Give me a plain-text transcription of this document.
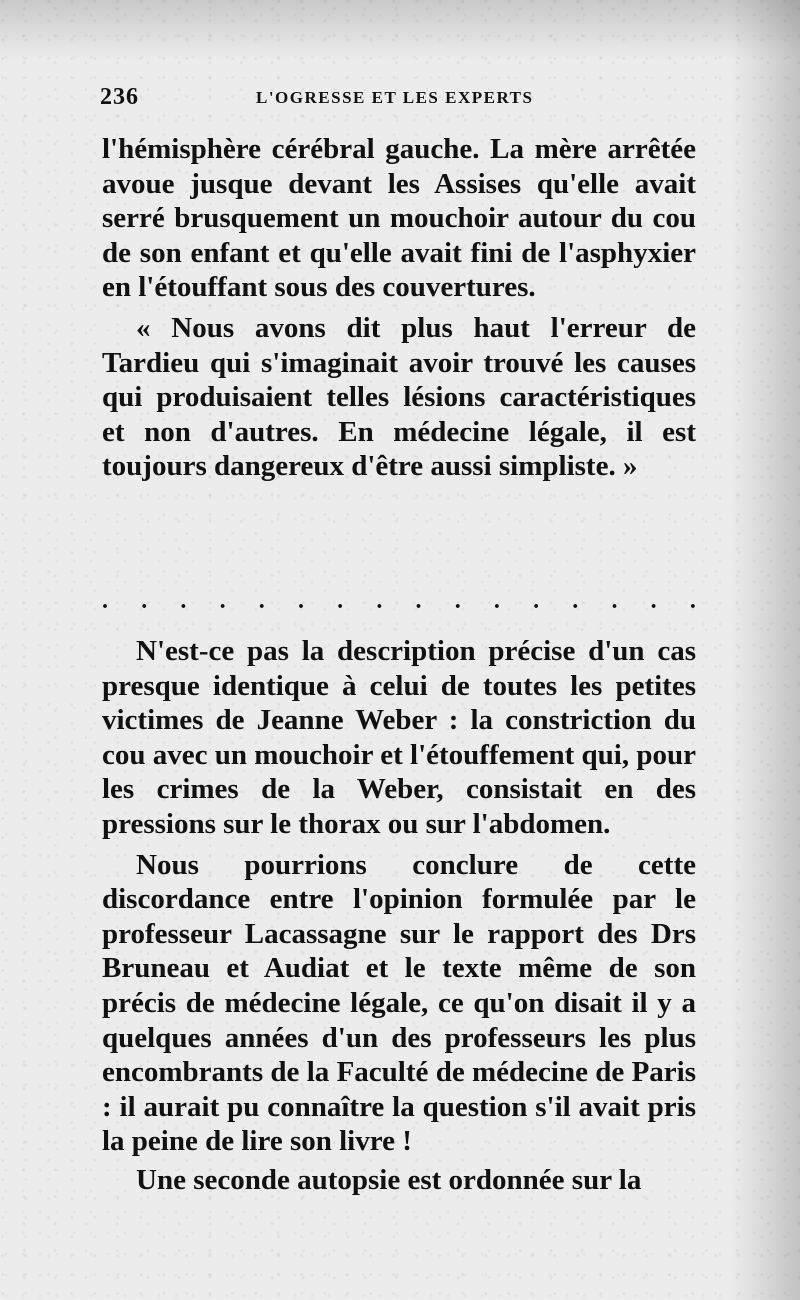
236	L'OGRESSE ET LES EXPERTS

l'hémisphère cérébral gauche. La mère arrêtée avoue jusque devant les Assises qu'elle avait serré brusquement un mouchoir autour du cou de son enfant et qu'elle avait fini de l'asphyxier en l'étouffant sous des couvertures.

« Nous avons dit plus haut l'erreur de Tardieu qui s'imaginait avoir trouvé les causes qui produisaient telles lésions caractéristiques et non d'autres. En médecine légale, il est toujours dangereux d'être aussi simpliste. »

. . . . . . . . . . . . . . . .

N'est-ce pas la description précise d'un cas presque identique à celui de toutes les petites victimes de Jeanne Weber : la constriction du cou avec un mouchoir et l'étouffement qui, pour les crimes de la Weber, consistait en des pressions sur le thorax ou sur l'abdomen.

Nous pourrions conclure de cette discordance entre l'opinion formulée par le professeur Lacassagne sur le rapport des Drs Bruneau et Audiat et le texte même de son précis de médecine légale, ce qu'on disait il y a quelques années d'un des professeurs les plus encombrants de la Faculté de médecine de Paris : il aurait pu connaître la question s'il avait pris la peine de lire son livre !

Une seconde autopsie est ordonnée sur la
